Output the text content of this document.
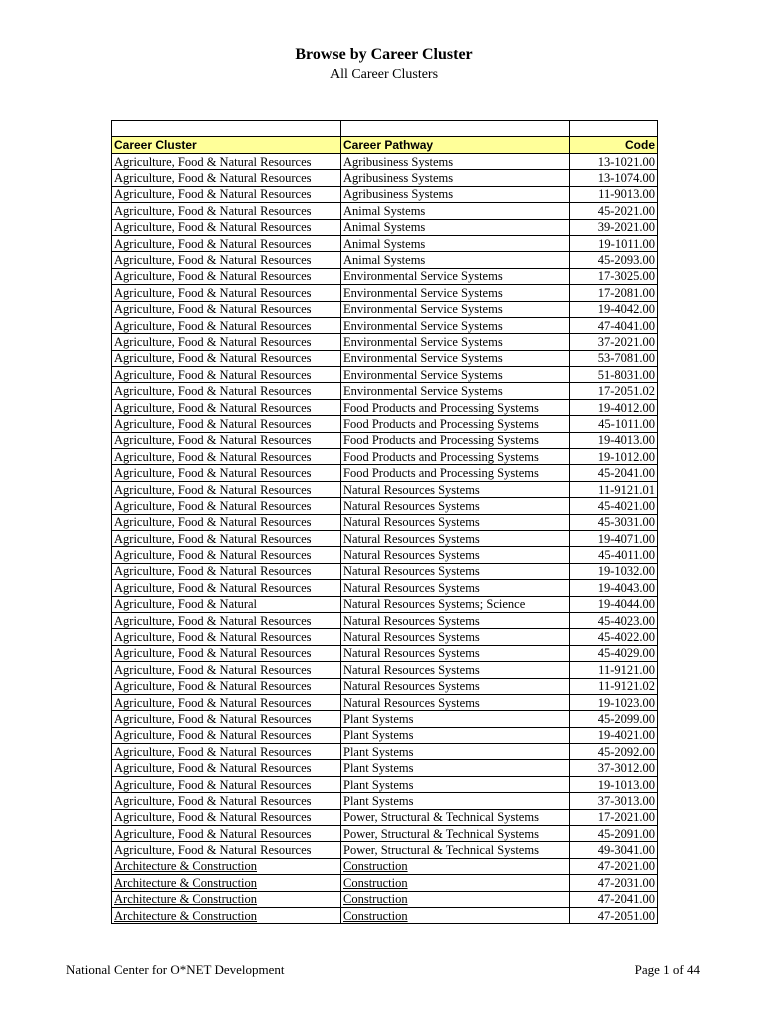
Browse by Career Cluster
All Career Clusters

Career Cluster	Career Pathway	Code
Agriculture, Food & Natural Resources	Agribusiness Systems	13-1021.00
Agriculture, Food & Natural Resources	Agribusiness Systems	13-1074.00
Agriculture, Food & Natural Resources	Agribusiness Systems	11-9013.00
Agriculture, Food & Natural Resources	Animal Systems	45-2021.00
Agriculture, Food & Natural Resources	Animal Systems	39-2021.00
Agriculture, Food & Natural Resources	Animal Systems	19-1011.00
Agriculture, Food & Natural Resources	Animal Systems	45-2093.00
Agriculture, Food & Natural Resources	Environmental Service Systems	17-3025.00
Agriculture, Food & Natural Resources	Environmental Service Systems	17-2081.00
Agriculture, Food & Natural Resources	Environmental Service Systems	19-4042.00
Agriculture, Food & Natural Resources	Environmental Service Systems	47-4041.00
Agriculture, Food & Natural Resources	Environmental Service Systems	37-2021.00
Agriculture, Food & Natural Resources	Environmental Service Systems	53-7081.00
Agriculture, Food & Natural Resources	Environmental Service Systems	51-8031.00
Agriculture, Food & Natural Resources	Environmental Service Systems	17-2051.02
Agriculture, Food & Natural Resources	Food Products and Processing Systems	19-4012.00
Agriculture, Food & Natural Resources	Food Products and Processing Systems	45-1011.00
Agriculture, Food & Natural Resources	Food Products and Processing Systems	19-4013.00
Agriculture, Food & Natural Resources	Food Products and Processing Systems	19-1012.00
Agriculture, Food & Natural Resources	Food Products and Processing Systems	45-2041.00
Agriculture, Food & Natural Resources	Natural Resources Systems	11-9121.01
Agriculture, Food & Natural Resources	Natural Resources Systems	45-4021.00
Agriculture, Food & Natural Resources	Natural Resources Systems	45-3031.00
Agriculture, Food & Natural Resources	Natural Resources Systems	19-4071.00
Agriculture, Food & Natural Resources	Natural Resources Systems	45-4011.00
Agriculture, Food & Natural Resources	Natural Resources Systems	19-1032.00
Agriculture, Food & Natural Resources	Natural Resources Systems	19-4043.00
Agriculture, Food & Natural	Natural Resources Systems; Science	19-4044.00
Agriculture, Food & Natural Resources	Natural Resources Systems	45-4023.00
Agriculture, Food & Natural Resources	Natural Resources Systems	45-4022.00
Agriculture, Food & Natural Resources	Natural Resources Systems	45-4029.00
Agriculture, Food & Natural Resources	Natural Resources Systems	11-9121.00
Agriculture, Food & Natural Resources	Natural Resources Systems	11-9121.02
Agriculture, Food & Natural Resources	Natural Resources Systems	19-1023.00
Agriculture, Food & Natural Resources	Plant Systems	45-2099.00
Agriculture, Food & Natural Resources	Plant Systems	19-4021.00
Agriculture, Food & Natural Resources	Plant Systems	45-2092.00
Agriculture, Food & Natural Resources	Plant Systems	37-3012.00
Agriculture, Food & Natural Resources	Plant Systems	19-1013.00
Agriculture, Food & Natural Resources	Plant Systems	37-3013.00
Agriculture, Food & Natural Resources	Power, Structural & Technical Systems	17-2021.00
Agriculture, Food & Natural Resources	Power, Structural & Technical Systems	45-2091.00
Agriculture, Food & Natural Resources	Power, Structural & Technical Systems	49-3041.00
Architecture & Construction	Construction	47-2021.00
Architecture & Construction	Construction	47-2031.00
Architecture & Construction	Construction	47-2041.00
Architecture & Construction	Construction	47-2051.00
National Center for O*NET Development	Page 1 of 44
